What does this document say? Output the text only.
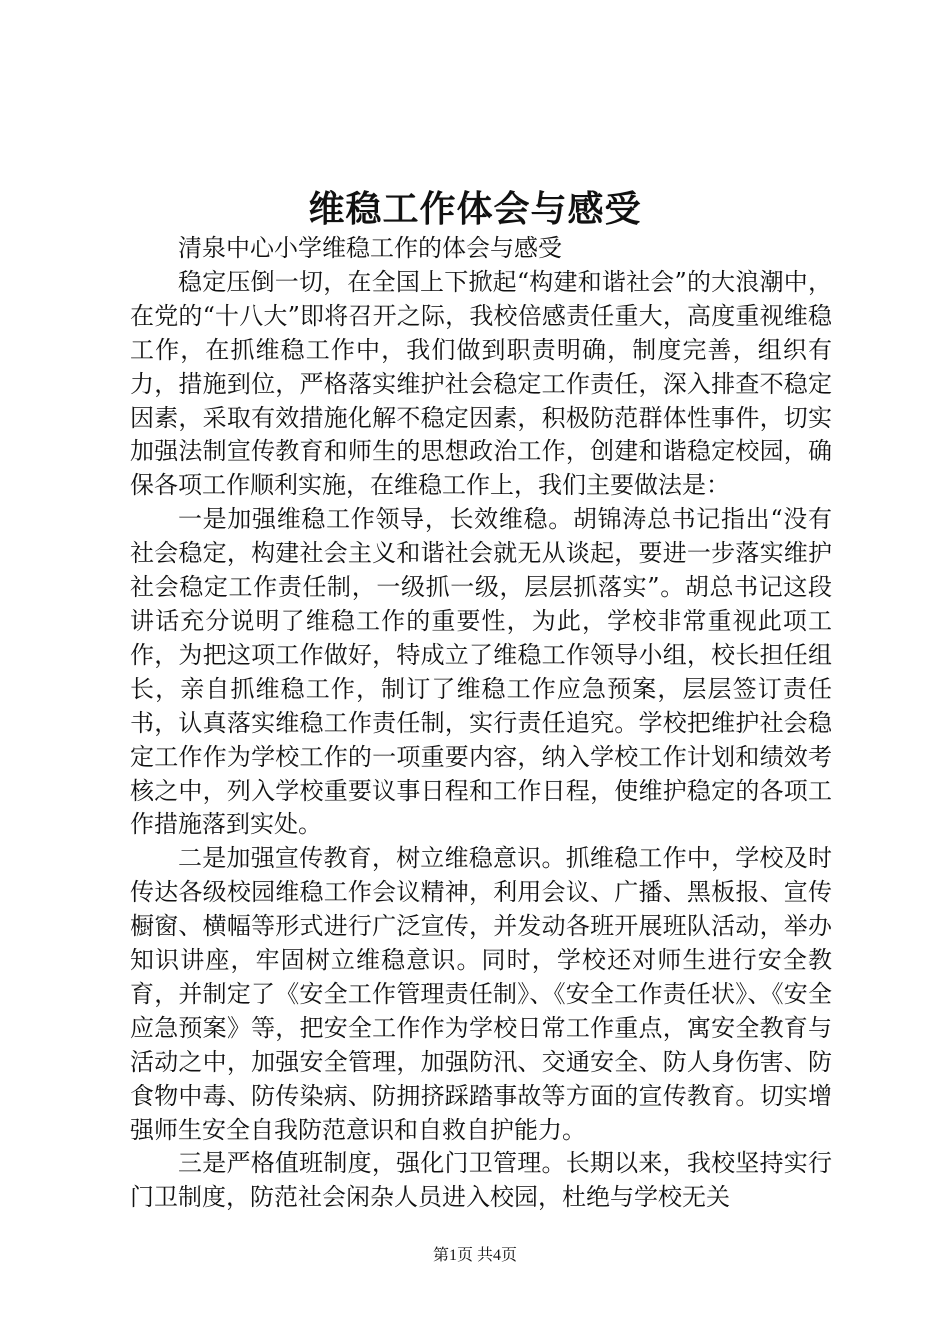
维稳工作体会与感受

清泉中心小学维稳工作的体会与感受

稳定压倒一切，在全国上下掀起“构建和谐社会”的大浪潮中，在党的“十八大”即将召开之际，我校倍感责任重大，高度重视维稳工作，在抓维稳工作中，我们做到职责明确，制度完善，组织有力，措施到位，严格落实维护社会稳定工作责任，深入排查不稳定因素，采取有效措施化解不稳定因素，积极防范群体性事件，切实加强法制宣传教育和师生的思想政治工作，创建和谐稳定校园，确保各项工作顺利实施，在维稳工作上，我们主要做法是：

一是加强维稳工作领导，长效维稳。胡锦涛总书记指出“没有社会稳定，构建社会主义和谐社会就无从谈起，要进一步落实维护社会稳定工作责任制，一级抓一级，层层抓落实”。胡总书记这段讲话充分说明了维稳工作的重要性，为此，学校非常重视此项工作，为把这项工作做好，特成立了维稳工作领导小组，校长担任组长，亲自抓维稳工作，制订了维稳工作应急预案，层层签订责任书，认真落实维稳工作责任制，实行责任追究。学校把维护社会稳定工作作为学校工作的一项重要内容，纳入学校工作计划和绩效考核之中，列入学校重要议事日程和工作日程，使维护稳定的各项工作措施落到实处。

二是加强宣传教育，树立维稳意识。抓维稳工作中，学校及时传达各级校园维稳工作会议精神，利用会议、广播、黑板报、宣传橱窗、横幅等形式进行广泛宣传，并发动各班开展班队活动，举办知识讲座，牢固树立维稳意识。同时，学校还对师生进行安全教育，并制定了《安全工作管理责任制》、《安全工作责任状》、《安全应急预案》等，把安全工作作为学校日常工作重点，寓安全教育与活动之中，加强安全管理，加强防汛、交通安全、防人身伤害、防食物中毒、防传染病、防拥挤踩踏事故等方面的宣传教育。切实增强师生安全自我防范意识和自救自护能力。

三是严格值班制度，强化门卫管理。长期以来，我校坚持实行门卫制度，防范社会闲杂人员进入校园，杜绝与学校无关

第1页 共4页
